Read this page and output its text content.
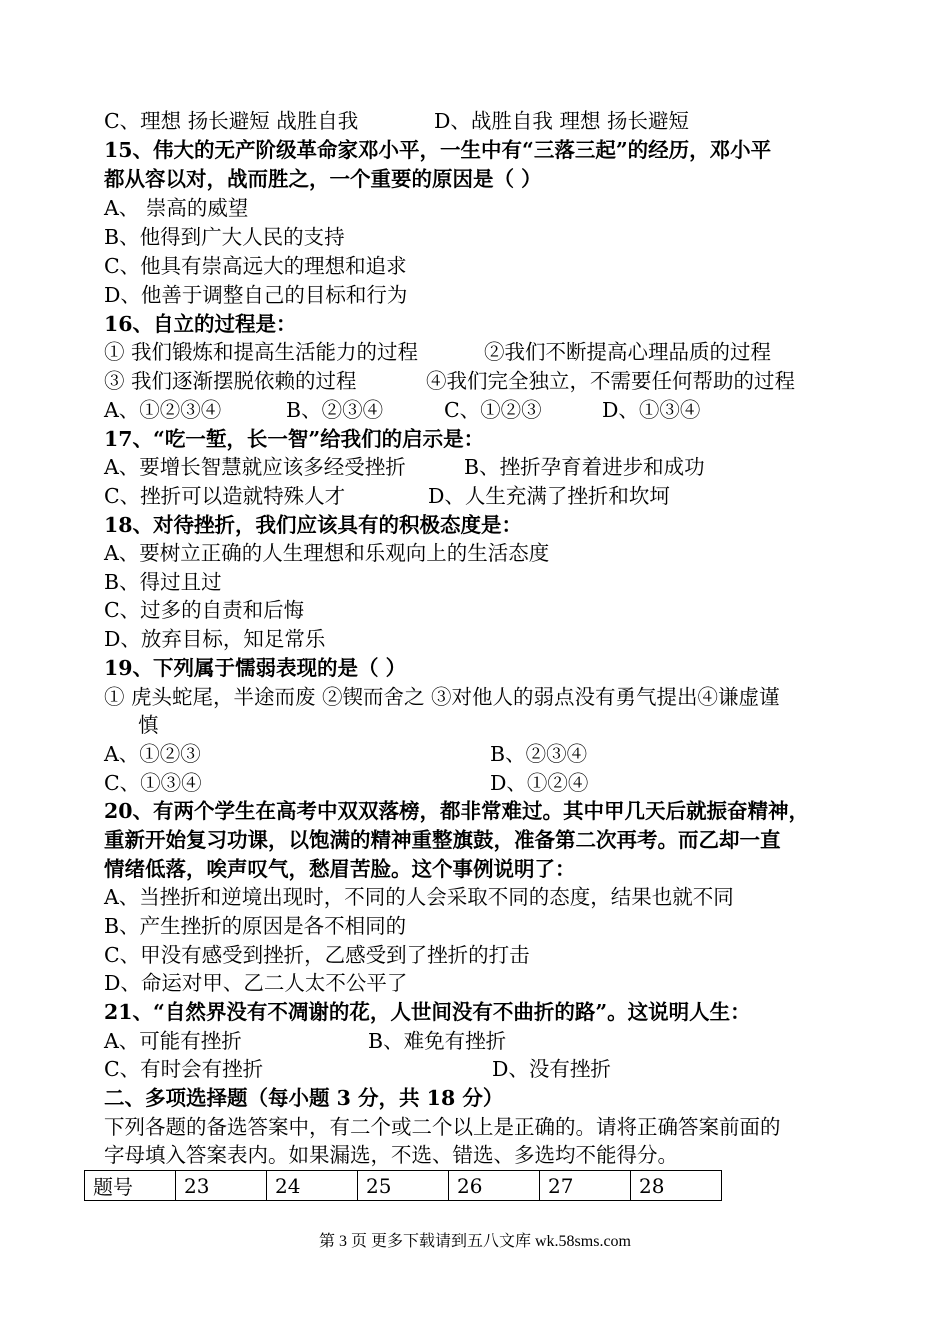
C、理想 扬长避短 战胜自我	D、战胜自我 理想 扬长避短
15、伟大的无产阶级革命家邓小平，一生中有“三落三起”的经历，邓小平
都从容以对，战而胜之，一个重要的原因是（ ）
A、 崇高的威望
B、他得到广大人民的支持
C、他具有崇高远大的理想和追求
D、他善于调整自己的目标和行为
16、自立的过程是：
① 我们锻炼和提高生活能力的过程	②我们不断提高心理品质的过程
③ 我们逐渐摆脱依赖的过程	④我们完全独立，不需要任何帮助的过程
A、①②③④	B、②③④	C、①②③	D、①③④
17、“吃一堑，长一智”给我们的启示是：
A、要增长智慧就应该多经受挫折	B、挫折孕育着进步和成功
C、挫折可以造就特殊人才	D、人生充满了挫折和坎坷
18、对待挫折，我们应该具有的积极态度是：
A、要树立正确的人生理想和乐观向上的生活态度
B、得过且过
C、过多的自责和后悔
D、放弃目标，知足常乐
19、下列属于懦弱表现的是（ ）
① 虎头蛇尾，半途而废 ②锲而舍之 ③对他人的弱点没有勇气提出④谦虚谨
慎
A、①②③	B、②③④
C、①③④	D、①②④
20、有两个学生在高考中双双落榜，都非常难过。其中甲几天后就振奋精神，
重新开始复习功课，以饱满的精神重整旗鼓，准备第二次再考。而乙却一直
情绪低落，唉声叹气，愁眉苦脸。这个事例说明了：
A、当挫折和逆境出现时，不同的人会采取不同的态度，结果也就不同
B、产生挫折的原因是各不相同的
C、甲没有感受到挫折，乙感受到了挫折的打击
D、命运对甲、乙二人太不公平了
21、“自然界没有不凋谢的花，人世间没有不曲折的路”。这说明人生：
A、可能有挫折	B、难免有挫折
C、有时会有挫折	D、没有挫折
二、多项选择题（每小题 3 分，共 18 分）
下列各题的备选答案中，有二个或二个以上是正确的。请将正确答案前面的
字母填入答案表内。如果漏选，不选、错选、多选均不能得分。
题号	23	24	25	26	27	28
第 3 页 更多下载请到五八文库 wk.58sms.com
